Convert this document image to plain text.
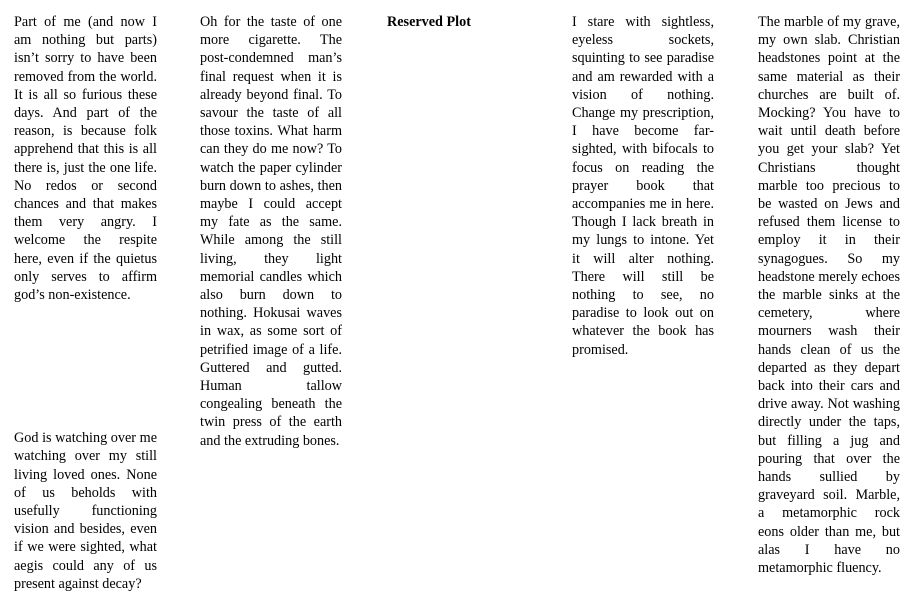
Part of me (and now I am nothing but parts) isn’t sorry to have been removed from the world. It is all so furious these days. And part of the reason, is because folk apprehend that this is all there is, just the one life. No redos or second chances and that makes them very angry. I welcome the respite here, even if the quietus only serves to affirm god’s non-existence.

God is watching over me watching over my still living loved ones. None of us beholds with usefully functioning vision and besides, even if we were sighted, what aegis could any of us present against decay?

Oh for the taste of one more cigarette. The post-condemned man’s final request when it is already beyond final. To savour the taste of all those toxins. What harm can they do me now? To watch the paper cylinder burn down to ashes, then maybe I could accept my fate as the same. While among the still living, they light memorial candles which also burn down to nothing. Hokusai waves in wax, as some sort of petrified image of a life. Guttered and gutted. Human tallow congealing beneath the twin press of the earth and the extruding bones.

Reserved Plot	I stare with sightless, eyeless sockets, squinting to see paradise and am rewarded with a vision of nothing. Change my prescription, I have become far-sighted, with bifocals to focus on reading the prayer book that accompanies me in here. Though I lack breath in my lungs to intone. Yet it will alter nothing. There will still be nothing to see, no paradise to look out on whatever the book has promised.

The marble of my grave, my own slab. Christian headstones point at the same material as their churches are built of. Mocking? You have to wait until death before you get your slab? Yet Christians thought marble too precious to be wasted on Jews and refused them license to employ it in their synagogues. So my headstone merely echoes the marble sinks at the cemetery, where mourners wash their hands clean of us the departed as they depart back into their cars and drive away. Not washing directly under the taps, but filling a jug and pouring that over the hands sullied by graveyard soil. Marble, a metamorphic rock eons older than me, but alas I have no metamorphic fluency.
